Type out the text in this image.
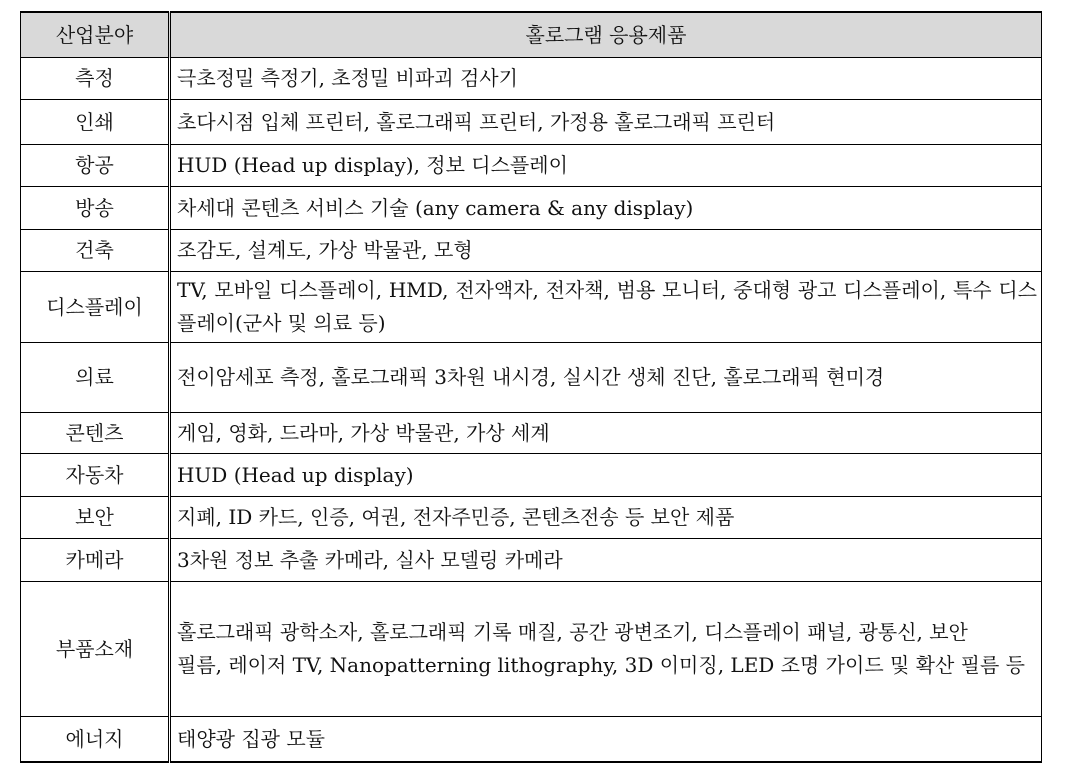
산업분야	홀로그램 응용제품
측정	극초정밀 측정기, 초정밀 비파괴 검사기
인쇄	초다시점 입체 프린터, 홀로그래픽 프린터, 가정용 홀로그래픽 프린터
항공	HUD (Head up display), 정보 디스플레이
방송	차세대 콘텐츠 서비스 기술 (any camera & any display)
건축	조감도, 설계도, 가상 박물관, 모형
디스플레이	TV, 모바일 디스플레이, HMD, 전자액자, 전자책, 범용 모니터, 중대형 광고 디스플레이, 특수 디스플레이(군사 및 의료 등)
의료	전이암세포 측정, 홀로그래픽 3차원 내시경, 실시간 생체 진단, 홀로그래픽 현미경
콘텐츠	게임, 영화, 드라마, 가상 박물관, 가상 세계
자동차	HUD (Head up display)
보안	지폐, ID 카드, 인증, 여권, 전자주민증, 콘텐츠전송 등 보안 제품
카메라	3차원 정보 추출 카메라, 실사 모델링 카메라
부품소재	홀로그래픽 광학소자, 홀로그래픽 기록 매질, 공간 광변조기, 디스플레이 패널, 광통신, 보안
필름, 레이저 TV, Nanopatterning lithography, 3D 이미징, LED 조명 가이드 및 확산 필름 등

에너지	태양광 집광 모듈
